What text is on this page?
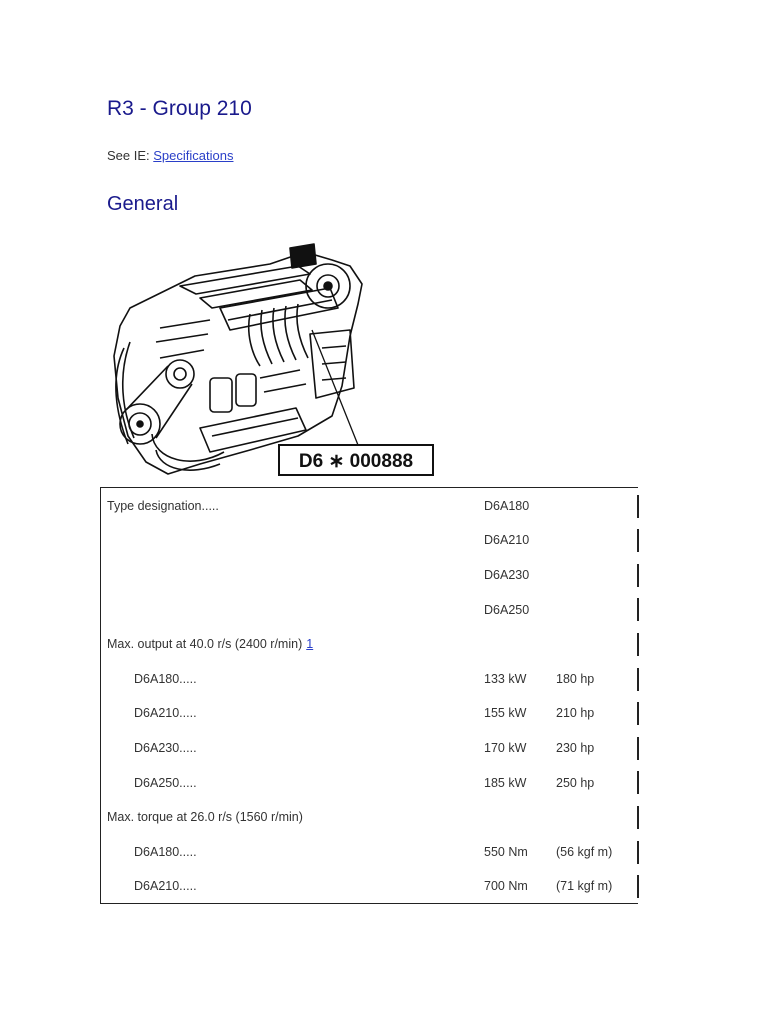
R3 - Group 210
See IE: Specifications
General
D6 ∗ 000888
Type designation.....	D6A180
D6A210
D6A230
D6A250
Max. output at 40.0 r/s (2400 r/min) 1
D6A180.....	133 kW 180 hp
D6A210.....	155 kW 210 hp
D6A230.....	170 kW 230 hp
D6A250.....	185 kW 250 hp
Max. torque at 26.0 r/s (1560 r/min)
D6A180.....	550 Nm (56 kgf m)
D6A210.....	700 Nm (71 kgf m)
